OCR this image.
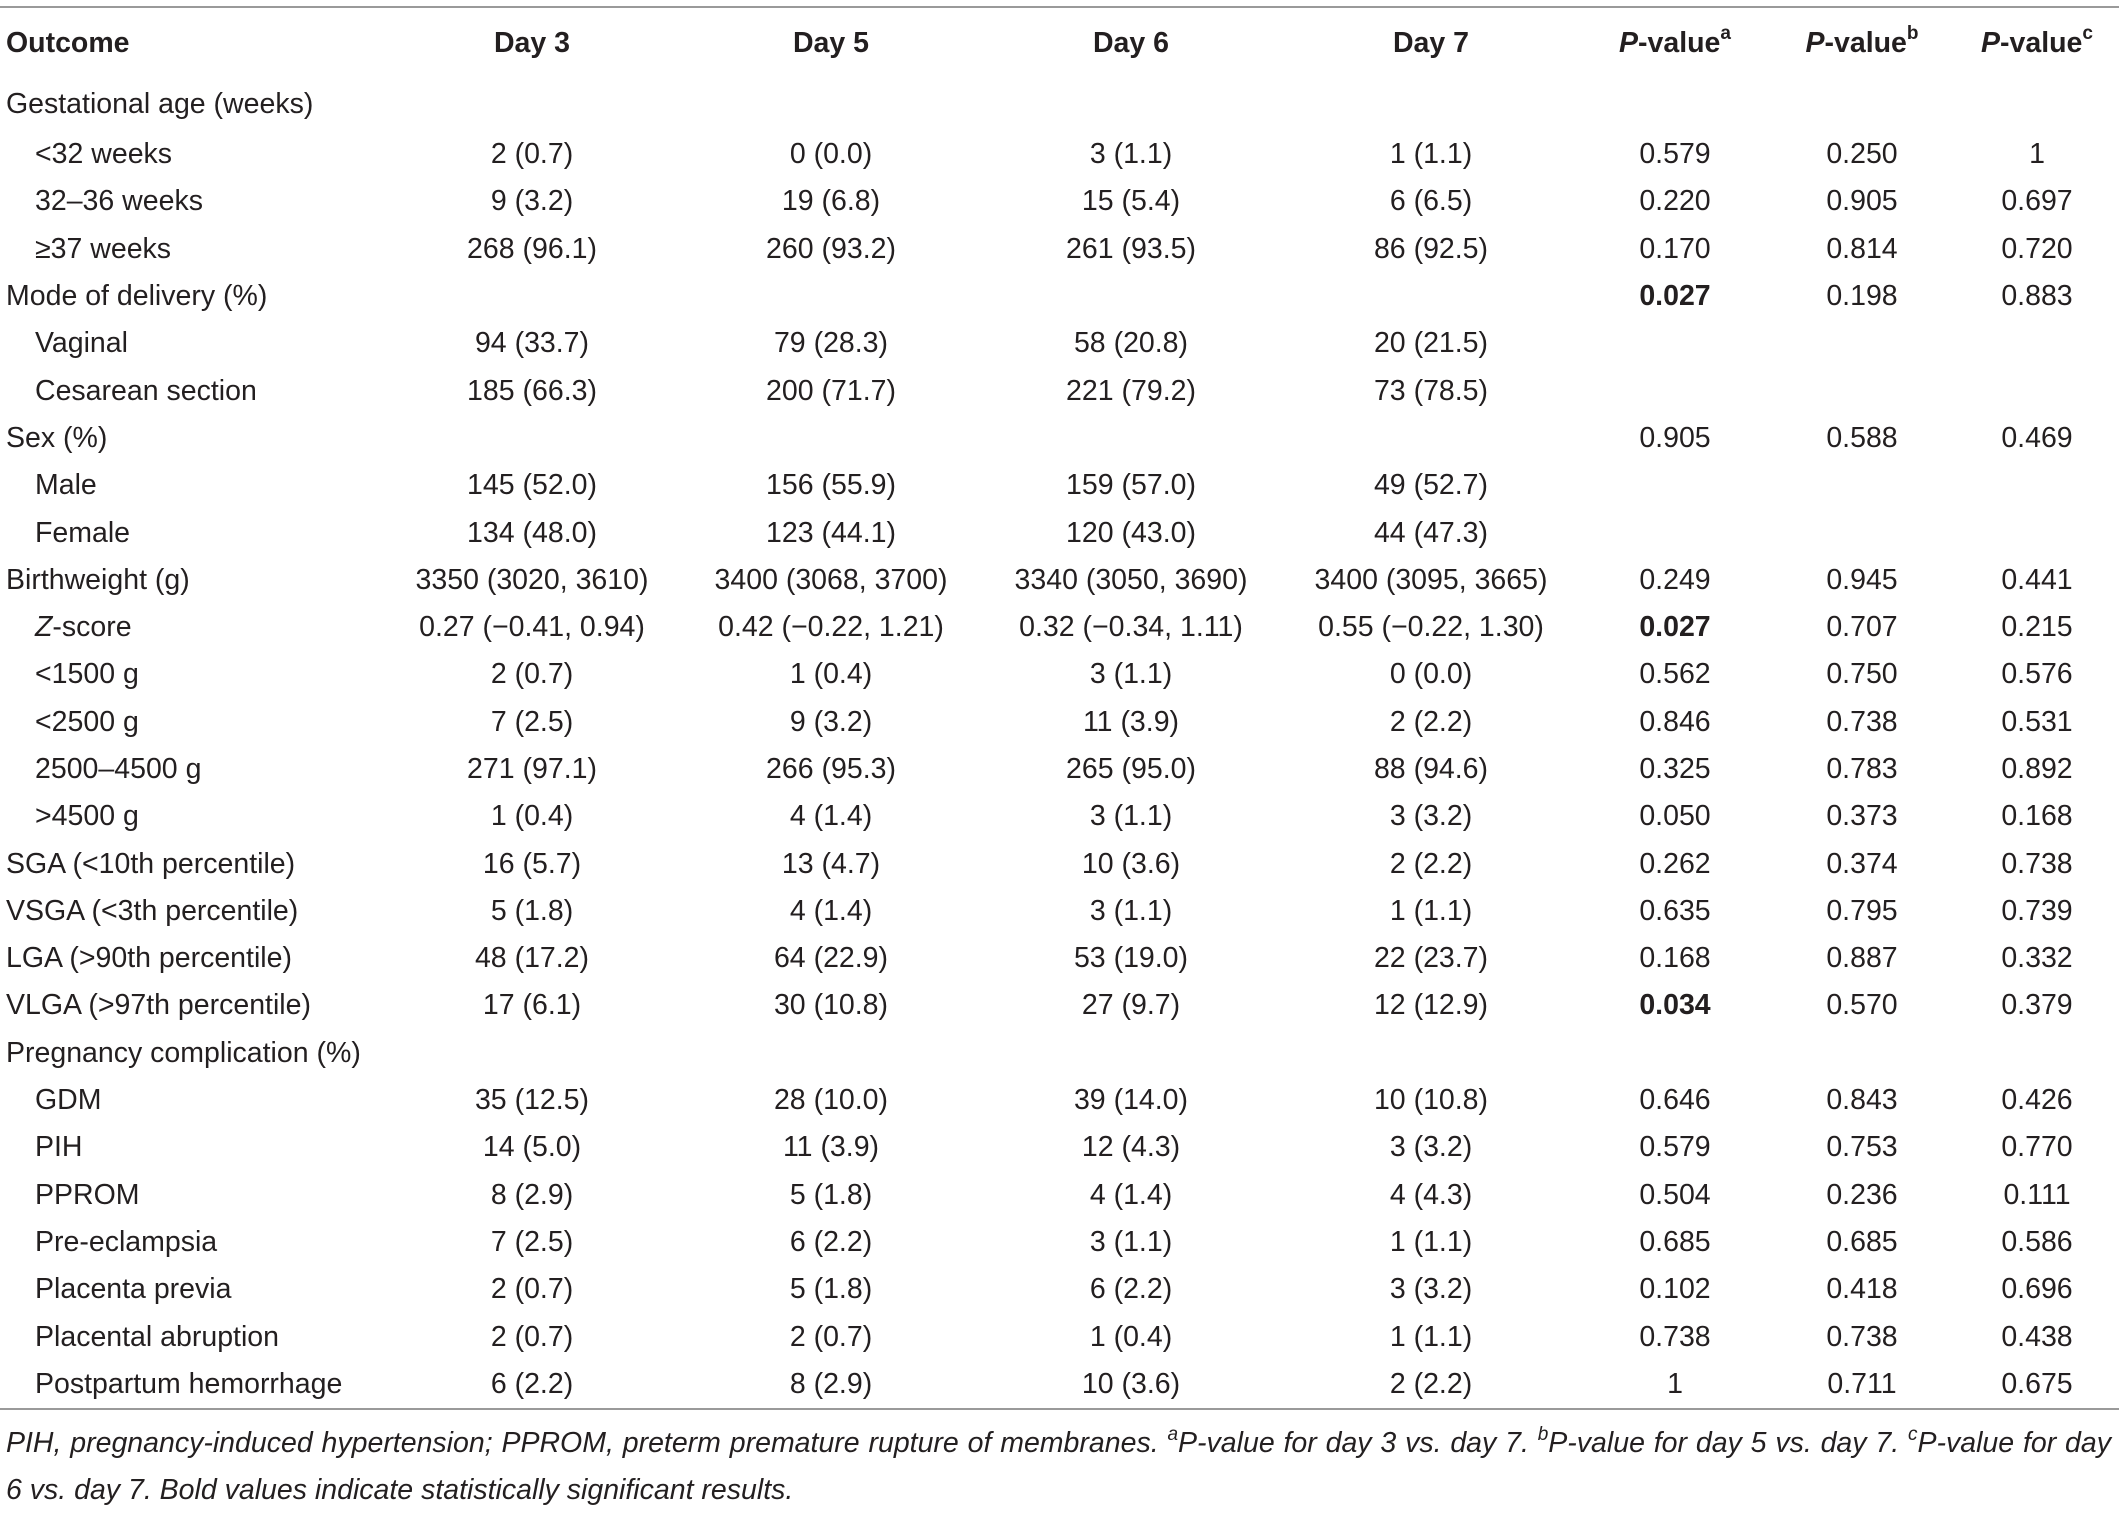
Outcome	Day 3	Day 5	Day 6	Day 7	P-value$^a$	P-value$^b$	P-value$^c$
Gestational age (weeks)							
<32 weeks	2 (0.7)	0 (0.0)	3 (1.1)	1 (1.1)	0.579	0.250	1
32–36 weeks	9 (3.2)	19 (6.8)	15 (5.4)	6 (6.5)	0.220	0.905	0.697
≥37 weeks	268 (96.1)	260 (93.2)	261 (93.5)	86 (92.5)	0.170	0.814	0.720
Mode of delivery (%)					0.027	0.198	0.883
Vaginal	94 (33.7)	79 (28.3)	58 (20.8)	20 (21.5)			
Cesarean section	185 (66.3)	200 (71.7)	221 (79.2)	73 (78.5)			
Sex (%)					0.905	0.588	0.469
Male	145 (52.0)	156 (55.9)	159 (57.0)	49 (52.7)			
Female	134 (48.0)	123 (44.1)	120 (43.0)	44 (47.3)			
Birthweight (g)	3350 (3020, 3610)	3400 (3068, 3700)	3340 (3050, 3690)	3400 (3095, 3665)	0.249	0.945	0.441
Z-score	0.27 (−0.41, 0.94)	0.42 (−0.22, 1.21)	0.32 (−0.34, 1.11)	0.55 (−0.22, 1.30)	0.027	0.707	0.215
<1500 g	2 (0.7)	1 (0.4)	3 (1.1)	0 (0.0)	0.562	0.750	0.576
<2500 g	7 (2.5)	9 (3.2)	11 (3.9)	2 (2.2)	0.846	0.738	0.531
2500–4500 g	271 (97.1)	266 (95.3)	265 (95.0)	88 (94.6)	0.325	0.783	0.892
>4500 g	1 (0.4)	4 (1.4)	3 (1.1)	3 (3.2)	0.050	0.373	0.168
SGA (<10th percentile)	16 (5.7)	13 (4.7)	10 (3.6)	2 (2.2)	0.262	0.374	0.738
VSGA (<3th percentile)	5 (1.8)	4 (1.4)	3 (1.1)	1 (1.1)	0.635	0.795	0.739
LGA (>90th percentile)	48 (17.2)	64 (22.9)	53 (19.0)	22 (23.7)	0.168	0.887	0.332
VLGA (>97th percentile)	17 (6.1)	30 (10.8)	27 (9.7)	12 (12.9)	0.034	0.570	0.379
Pregnancy complication (%)							
GDM	35 (12.5)	28 (10.0)	39 (14.0)	10 (10.8)	0.646	0.843	0.426
PIH	14 (5.0)	11 (3.9)	12 (4.3)	3 (3.2)	0.579	0.753	0.770
PPROM	8 (2.9)	5 (1.8)	4 (1.4)	4 (4.3)	0.504	0.236	0.111
Pre-eclampsia	7 (2.5)	6 (2.2)	3 (1.1)	1 (1.1)	0.685	0.685	0.586
Placenta previa	2 (0.7)	5 (1.8)	6 (2.2)	3 (3.2)	0.102	0.418	0.696
Placental abruption	2 (0.7)	2 (0.7)	1 (0.4)	1 (1.1)	0.738	0.738	0.438
Postpartum hemorrhage	6 (2.2)	8 (2.9)	10 (3.6)	2 (2.2)	1	0.711	0.675
PIH, pregnancy-induced hypertension; PPROM, preterm premature rupture of membranes. $^a$P-value for day 3 vs. day 7. $^b$P-value for day 5 vs. day 7. $^c$P-value for day 6 vs. day 7. Bold values indicate statistically significant results.
